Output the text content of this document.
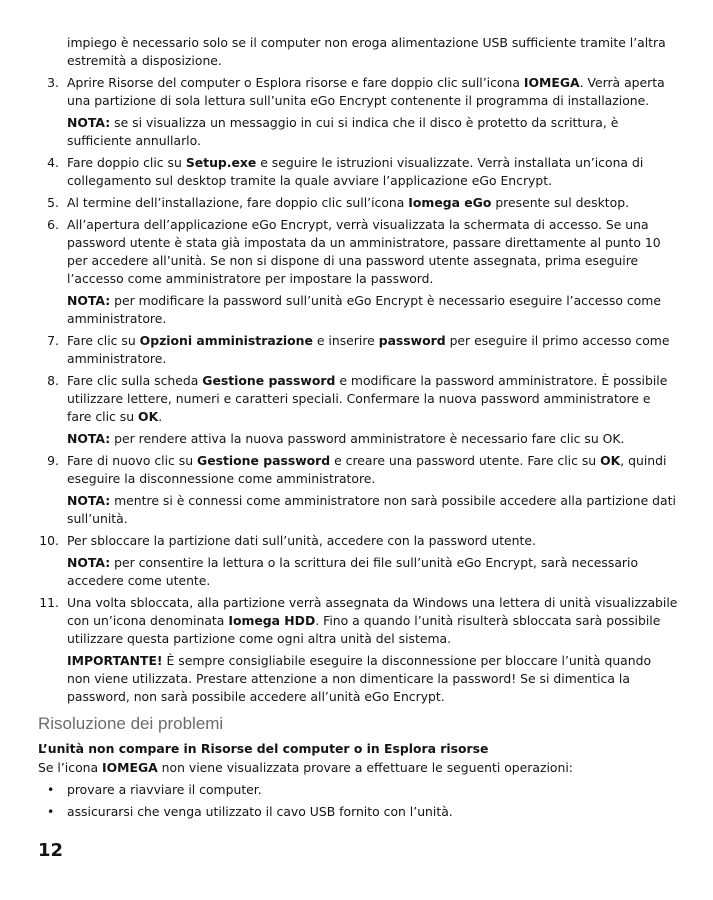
impiego è necessario solo se il computer non eroga alimentazione USB sufficiente tramite l’altra estremità a disposizione.
3. Aprire Risorse del computer o Esplora risorse e fare doppio clic sull’icona IOMEGA. Verrà aperta una partizione di sola lettura sull’unita eGo Encrypt contenente il programma di installazione.
NOTA: se si visualizza un messaggio in cui si indica che il disco è protetto da scrittura, è sufficiente annullarlo.
4. Fare doppio clic su Setup.exe e seguire le istruzioni visualizzate. Verrà installata un’icona di collegamento sul desktop tramite la quale avviare l’applicazione eGo Encrypt.
5. Al termine dell’installazione, fare doppio clic sull’icona Iomega eGo presente sul desktop.
6. All’apertura dell’applicazione eGo Encrypt, verrà visualizzata la schermata di accesso. Se una password utente è stata già impostata da un amministratore, passare direttamente al punto 10 per accedere all’unità. Se non si dispone di una password utente assegnata, prima eseguire l’accesso come amministratore per impostare la password.
NOTA: per modificare la password sull’unità eGo Encrypt è necessario eseguire l’accesso come amministratore.
7. Fare clic su Opzioni amministrazione e inserire password per eseguire il primo accesso come amministratore.
8. Fare clic sulla scheda Gestione password e modificare la password amministratore. È possibile utilizzare lettere, numeri e caratteri speciali. Confermare la nuova password amministratore e fare clic su OK.
NOTA: per rendere attiva la nuova password amministratore è necessario fare clic su OK.
9. Fare di nuovo clic su Gestione password e creare una password utente. Fare clic su OK, quindi eseguire la disconnessione come amministratore.
NOTA: mentre si è connessi come amministratore non sarà possibile accedere alla partizione dati sull’unità.
10. Per sbloccare la partizione dati sull’unità, accedere con la password utente.
NOTA: per consentire la lettura o la scrittura dei file sull’unità eGo Encrypt, sarà necessario accedere come utente.
11. Una volta sbloccata, alla partizione verrà assegnata da Windows una lettera di unità visualizzabile con un’icona denominata Iomega HDD. Fino a quando l’unità risulterà sbloccata sarà possibile utilizzare questa partizione come ogni altra unità del sistema.
IMPORTANTE! È sempre consigliabile eseguire la disconnessione per bloccare l’unità quando non viene utilizzata. Prestare attenzione a non dimenticare la password! Se si dimentica la password, non sarà possibile accedere all’unità eGo Encrypt.
Risoluzione dei problemi
L’unità non compare in Risorse del computer o in Esplora risorse
Se l’icona IOMEGA non viene visualizzata provare a effettuare le seguenti operazioni:
•	provare a riavviare il computer.
•	assicurarsi che venga utilizzato il cavo USB fornito con l’unità.
12
